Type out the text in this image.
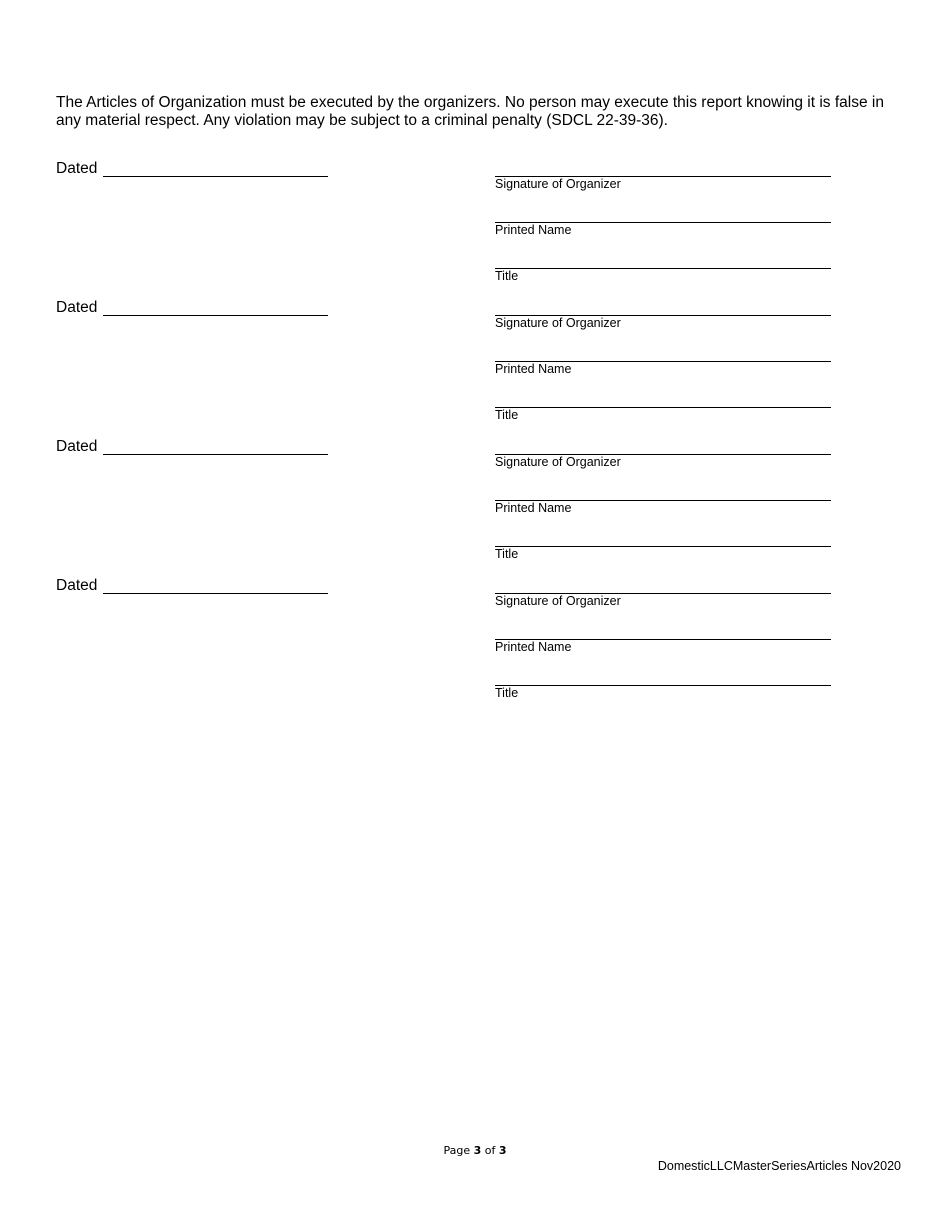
The Articles of Organization must be executed by the organizers. No person may execute this report knowing it is false in any material respect. Any violation may be subject to a criminal penalty (SDCL 22-39-36).

Dated
Signature of Organizer
Printed Name
Title
Dated
Signature of Organizer
Printed Name
Title
Dated
Signature of Organizer
Printed Name
Title
Dated
Signature of Organizer
Printed Name
Title
Page 3 of 3
DomesticLLCMasterSeriesArticles Nov2020
